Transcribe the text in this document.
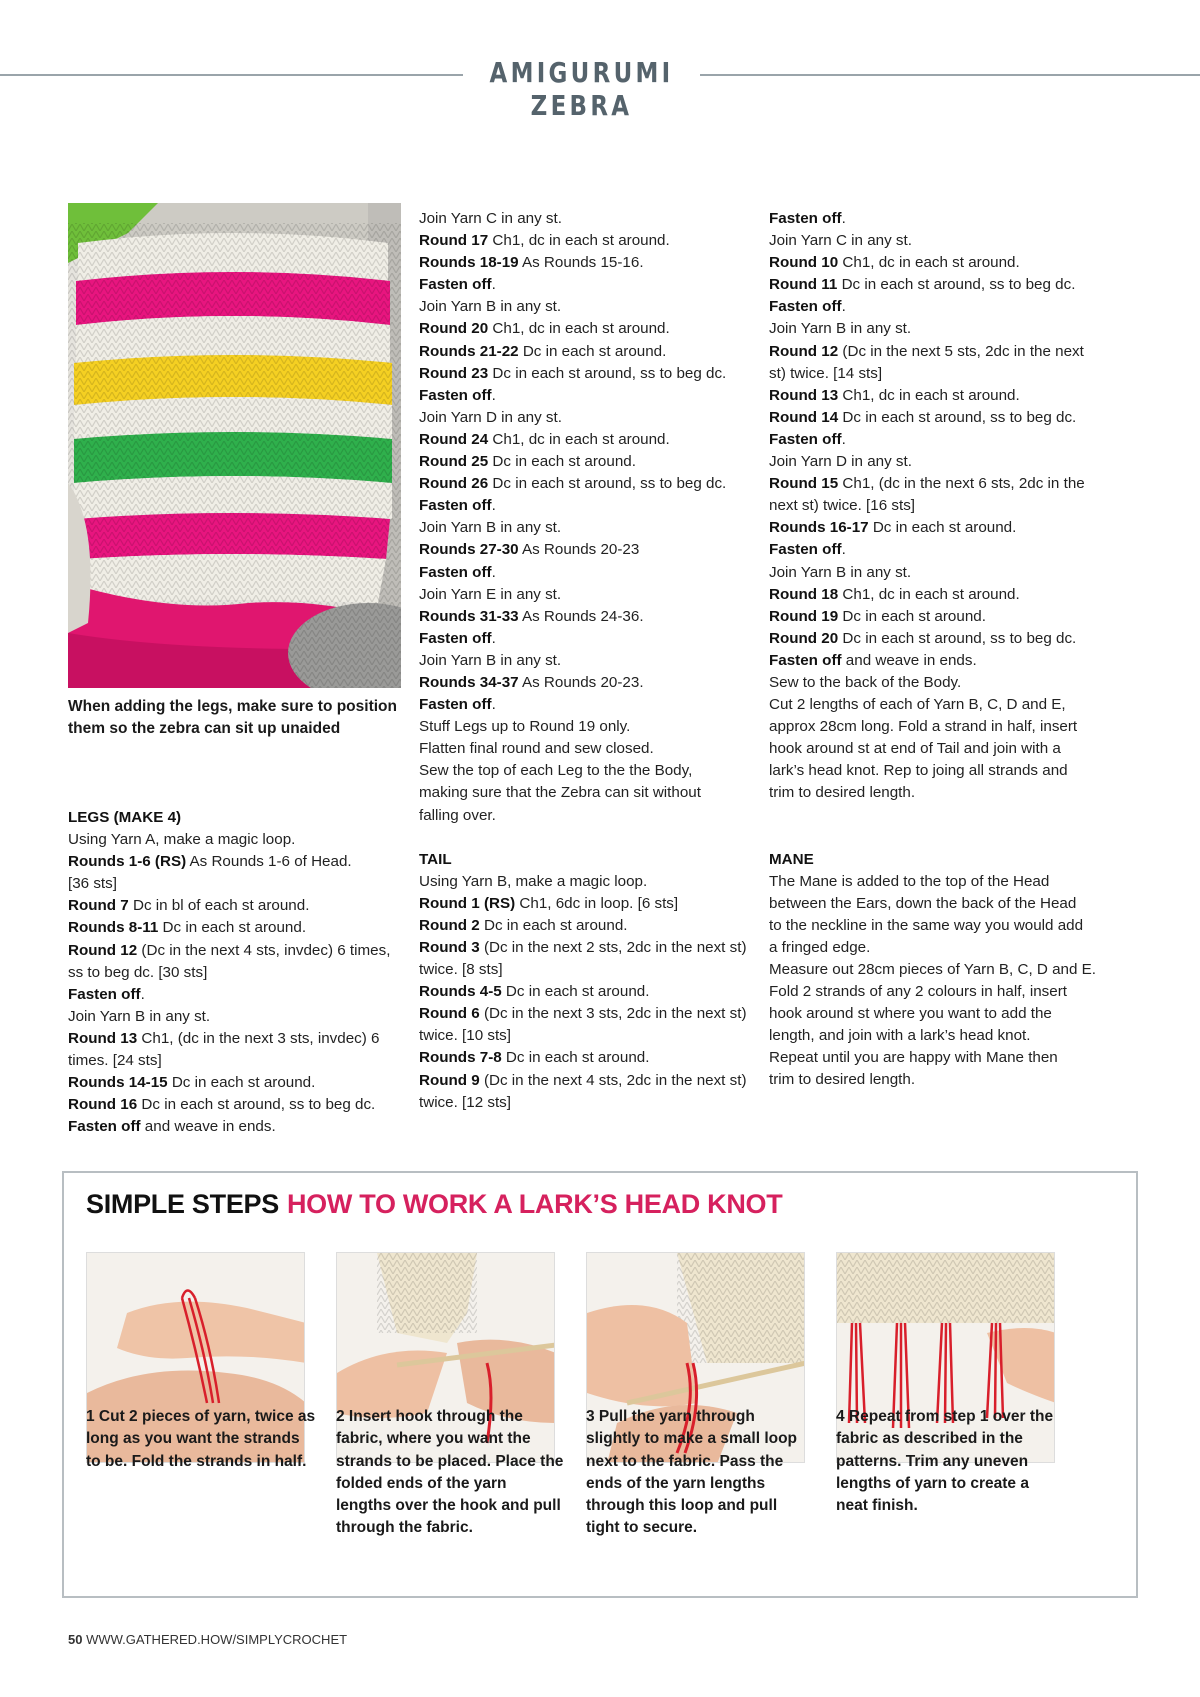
AMIGURUMI ZEBRA
When adding the legs, make sure to position them so the zebra can sit up unaided
LEGS (MAKE 4)
Using Yarn A, make a magic loop.
Rounds 1-6 (RS) As Rounds 1-6 of Head.
[36 sts]
Round 7 Dc in bl of each st around.
Rounds 8-11 Dc in each st around.
Round 12 (Dc in the next 4 sts, invdec) 6 times,
ss to beg dc. [30 sts]
Fasten off.
Join Yarn B in any st.
Round 13 Ch1, (dc in the next 3 sts, invdec) 6
times. [24 sts]
Rounds 14-15 Dc in each st around.
Round 16 Dc in each st around, ss to beg dc.
Fasten off and weave in ends.
Join Yarn C in any st.
Round 17 Ch1, dc in each st around.
Rounds 18-19 As Rounds 15-16.
Fasten off.
Join Yarn B in any st.
Round 20 Ch1, dc in each st around.
Rounds 21-22 Dc in each st around.
Round 23 Dc in each st around, ss to beg dc.
Fasten off.
Join Yarn D in any st.
Round 24 Ch1, dc in each st around.
Round 25 Dc in each st around.
Round 26 Dc in each st around, ss to beg dc.
Fasten off.
Join Yarn B in any st.
Rounds 27-30 As Rounds 20-23
Fasten off.
Join Yarn E in any st.
Rounds 31-33 As Rounds 24-36.
Fasten off.
Join Yarn B in any st.
Rounds 34-37 As Rounds 20-23.
Fasten off.
Stuff Legs up to Round 19 only.
Flatten final round and sew closed.
Sew the top of each Leg to the the Body,
making sure that the Zebra can sit without
falling over.
TAIL
Using Yarn B, make a magic loop.
Round 1 (RS) Ch1, 6dc in loop. [6 sts]
Round 2 Dc in each st around.
Round 3 (Dc in the next 2 sts, 2dc in the next st)
twice. [8 sts]
Rounds 4-5 Dc in each st around.
Round 6 (Dc in the next 3 sts, 2dc in the next st)
twice. [10 sts]
Rounds 7-8 Dc in each st around.
Round 9 (Dc in the next 4 sts, 2dc in the next st)
twice. [12 sts]
Fasten off.
Join Yarn C in any st.
Round 10 Ch1, dc in each st around.
Round 11 Dc in each st around, ss to beg dc.
Fasten off.
Join Yarn B in any st.
Round 12 (Dc in the next 5 sts, 2dc in the next
st) twice. [14 sts]
Round 13 Ch1, dc in each st around.
Round 14 Dc in each st around, ss to beg dc.
Fasten off.
Join Yarn D in any st.
Round 15 Ch1, (dc in the next 6 sts, 2dc in the
next st) twice. [16 sts]
Rounds 16-17 Dc in each st around.
Fasten off.
Join Yarn B in any st.
Round 18 Ch1, dc in each st around.
Round 19 Dc in each st around.
Round 20 Dc in each st around, ss to beg dc.
Fasten off and weave in ends.
Sew to the back of the Body.
Cut 2 lengths of each of Yarn B, C, D and E,
approx 28cm long. Fold a strand in half, insert
hook around st at end of Tail and join with a
lark’s head knot. Rep to joing all strands and
trim to desired length.
MANE
The Mane is added to the top of the Head
between the Ears, down the back of the Head
to the neckline in the same way you would add
a fringed edge.
Measure out 28cm pieces of Yarn B, C, D and E.
Fold 2 strands of any 2 colours in half, insert
hook around st where you want to add the
length, and join with a lark’s head knot.
Repeat until you are happy with Mane then
trim to desired length.
SIMPLE STEPS HOW TO WORK A LARK’S HEAD KNOT
1 Cut 2 pieces of yarn, twice as
long as you want the strands
to be. Fold the strands in half.
2 Insert hook through the
fabric, where you want the
strands to be placed. Place the
folded ends of the yarn
lengths over the hook and pull
through the fabric.
3 Pull the yarn through
slightly to make a small loop
next to the fabric. Pass the
ends of the yarn lengths
through this loop and pull
tight to secure.
4 Repeat from step 1 over the
fabric as described in the
patterns. Trim any uneven
lengths of yarn to create a
neat finish.
50 WWW.GATHERED.HOW/SIMPLYCROCHET
